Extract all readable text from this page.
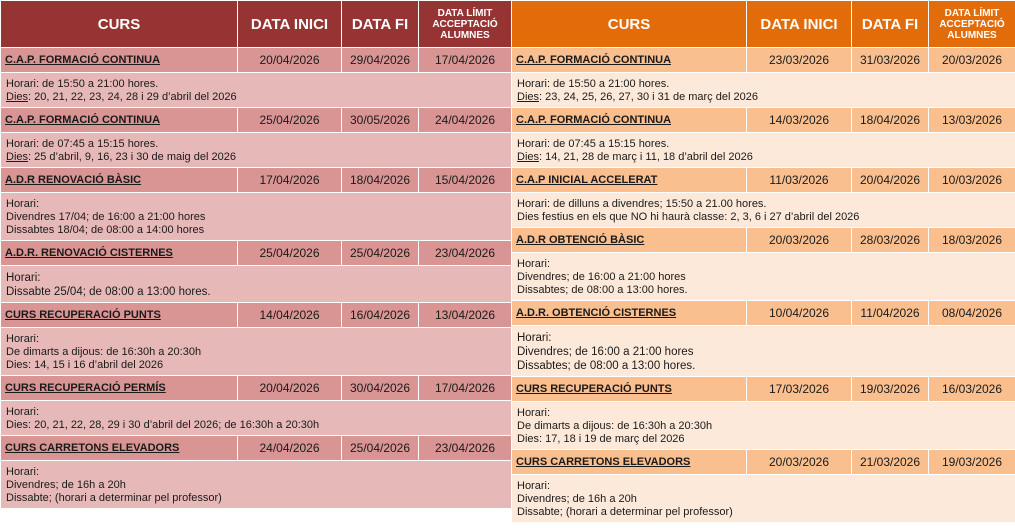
CURS	DATA INICI	DATA FI	DATA LÍMIT ACCEPTACIÓ ALUMNES
C.A.P. FORMACIÓ CONTINUA	20/04/2026	29/04/2026	17/04/2026

Horari: de 15:50 a 21:00 hores.
Dies: 20, 21, 22, 23, 24, 28 i 29 d’abril del 2026			

C.A.P. FORMACIÓ CONTINUA	25/04/2026	30/05/2026	24/04/2026

Horari: de 07:45 a 15:15 hores.
Dies: 25 d’abril, 9, 16, 23 i 30 de maig del 2026			

A.D.R RENOVACIÓ BÀSIC	17/04/2026	18/04/2026	15/04/2026

Horari:
Divendres 17/04; de 16:00 a 21:00 hores
Dissabtes 18/04; de 08:00 a 14:00 hores			

A.D.R. RENOVACIÓ CISTERNES	25/04/2026	25/04/2026	23/04/2026

Horari:
Dissabte 25/04; de 08:00 a 13:00 hores.			

CURS RECUPERACIÓ PUNTS	14/04/2026	16/04/2026	13/04/2026

Horari:
De dimarts a dijous: de 16:30h a 20:30h
Dies: 14, 15 i 16 d’abril del 2026			

CURS RECUPERACIÓ PERMÍS	20/04/2026	30/04/2026	17/04/2026

Horari:
Dies: 20, 21, 22, 28, 29 i 30 d’abril del 2026; de 16:30h a 20:30h			

CURS CARRETONS ELEVADORS	24/04/2026	25/04/2026	23/04/2026

Horari:
Divendres; de 16h a 20h
Dissabte; (horari a determinar pel professor)			
CURS	DATA INICI	DATA FI	DATA LÍMIT ACCEPTACIÓ ALUMNES
C.A.P. FORMACIÓ CONTINUA	23/03/2026	31/03/2026	20/03/2026

Horari: de 15:50 a 21:00 hores.
Dies: 23, 24, 25, 26, 27, 30 i 31 de març del 2026			

C.A.P. FORMACIÓ CONTINUA	14/03/2026	18/04/2026	13/03/2026

Horari: de 07:45 a 15:15 hores.
Dies: 14, 21, 28 de març i 11, 18 d’abril del 2026			

C.A.P INICIAL ACCELERAT	11/03/2026	20/04/2026	10/03/2026

Horari: de dilluns a divendres; 15:50 a 21.00 hores.
Dies festius en els que NO hi haurà classe: 2, 3, 6 i 27 d’abril del 2026			

A.D.R OBTENCIÓ BÀSIC	20/03/2026	28/03/2026	18/03/2026

Horari:
Divendres; de 16:00 a 21:00 hores
Dissabtes; de 08:00 a 13:00 hores.			

A.D.R. OBTENCIÓ CISTERNES	10/04/2026	11/04/2026	08/04/2026

Horari:
Divendres; de 16:00 a 21:00 hores
Dissabtes; de 08:00 a 13:00 hores.			

CURS RECUPERACIÓ PUNTS	17/03/2026	19/03/2026	16/03/2026

Horari:
De dimarts a dijous: de 16:30h a 20:30h
Dies: 17, 18 i 19 de març del 2026			

CURS CARRETONS ELEVADORS	20/03/2026	21/03/2026	19/03/2026

Horari:
Divendres; de 16h a 20h
Dissabte; (horari a determinar pel professor)			
